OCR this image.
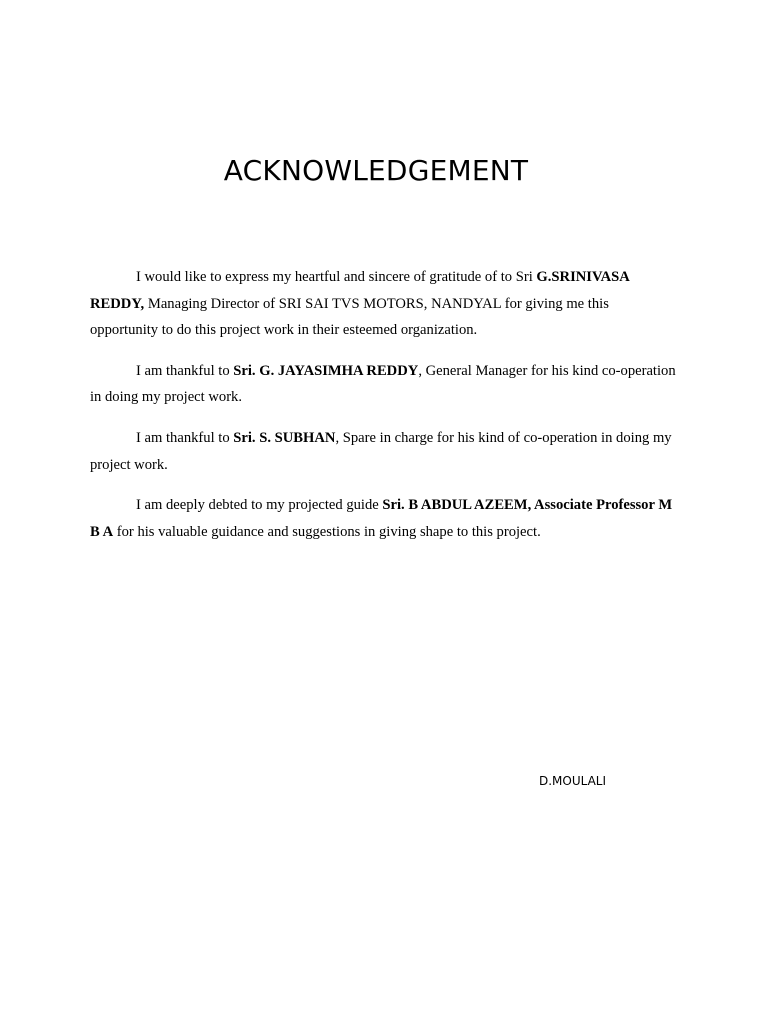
ACKNOWLEDGEMENT

I would like to express my heartful and sincere of gratitude of to Sri G.SRINIVASA REDDY, Managing Director of SRI SAI TVS MOTORS, NANDYAL for giving me this opportunity to do this project work in their esteemed organization.

I am thankful to Sri. G. JAYASIMHA REDDY, General Manager for his kind co-operation in doing my project work.

I am thankful to Sri. S. SUBHAN, Spare in charge for his kind of co-operation in doing my project work.

I am deeply debted to my projected guide Sri. B ABDUL AZEEM, Associate Professor M B A for his valuable guidance and suggestions in giving shape to this project.

D.MOULALI
